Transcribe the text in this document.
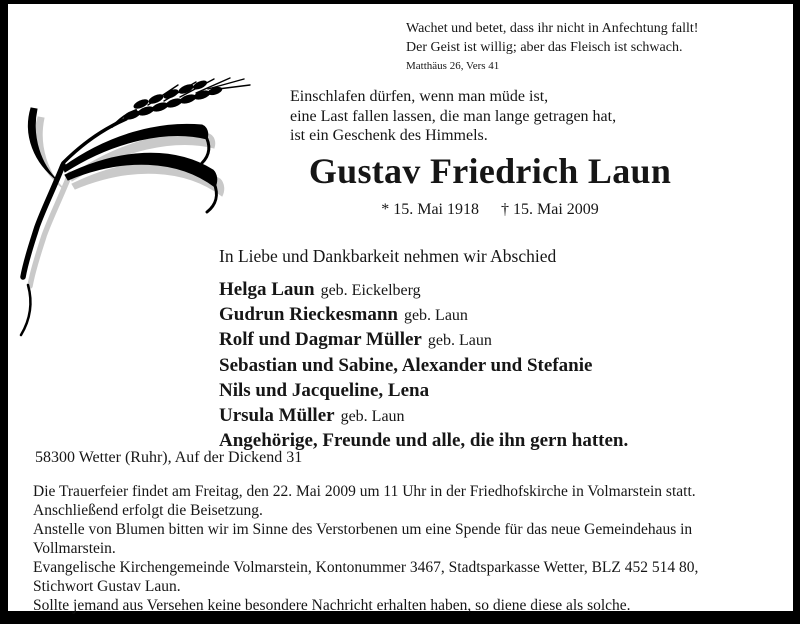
Wachet und betet, dass ihr nicht in Anfechtung fallt!
Der Geist ist willig; aber das Fleisch ist schwach.
Matthäus 26, Vers 41
Einschlafen dürfen, wenn man müde ist,
eine Last fallen lassen, die man lange getragen hat,
ist ein Geschenk des Himmels.
Gustav Friedrich Laun
* 15. Mai 1918 † 15. Mai 2009
In Liebe und Dankbarkeit nehmen wir Abschied
Helga Laun geb. Eickelberg
Gudrun Rieckesmann geb. Laun
Rolf und Dagmar Müller geb. Laun
Sebastian und Sabine, Alexander und Stefanie
Nils und Jacqueline, Lena
Ursula Müller geb. Laun
Angehörige, Freunde und alle, die ihn gern hatten.
58300 Wetter (Ruhr), Auf der Dickend 31
Die Trauerfeier findet am Freitag, den 22. Mai 2009 um 11 Uhr in der Friedhofskirche in Volmarstein statt.
Anschließend erfolgt die Beisetzung.
Anstelle von Blumen bitten wir im Sinne des Verstorbenen um eine Spende für das neue Gemeindehaus in
Vollmarstein.
Evangelische Kirchengemeinde Volmarstein, Kontonummer 3467, Stadtsparkasse Wetter, BLZ 452 514 80,
Stichwort Gustav Laun.
Sollte jemand aus Versehen keine besondere Nachricht erhalten haben, so diene diese als solche.
